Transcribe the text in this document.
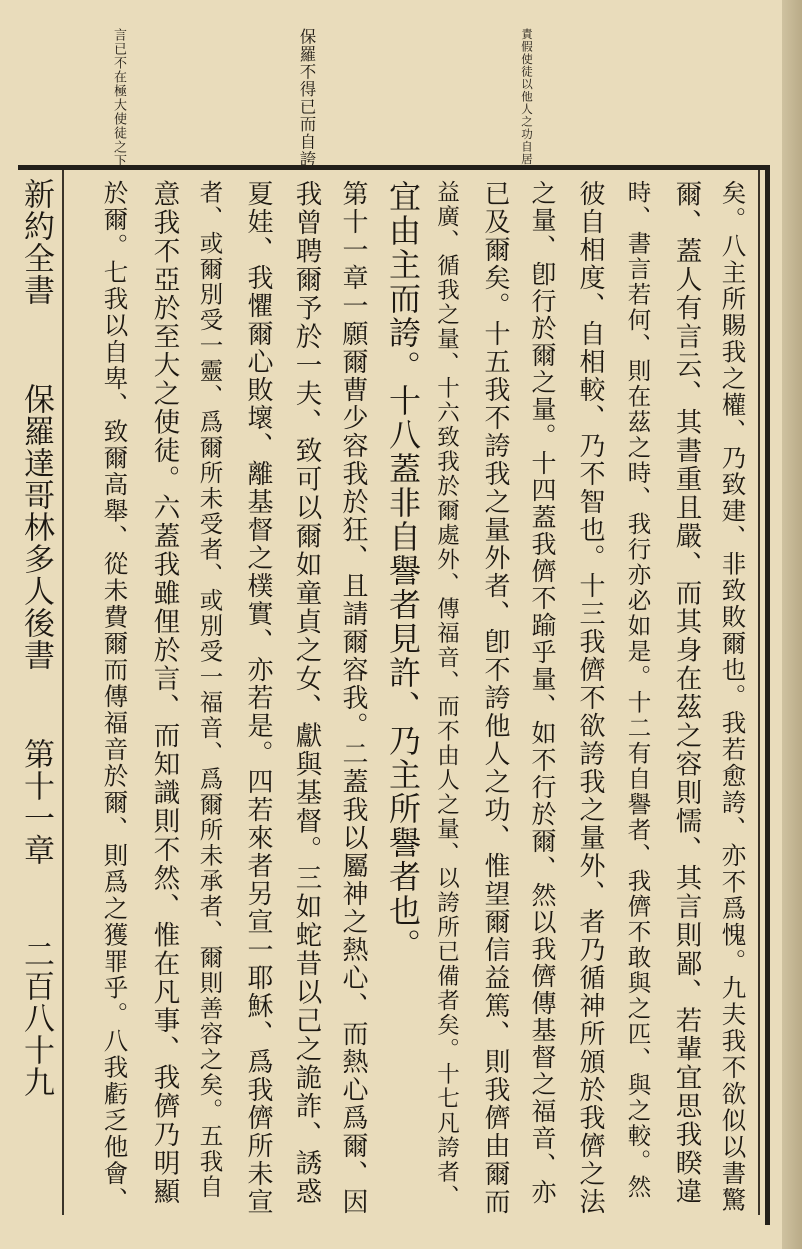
言已不在極大使徒之下	保羅不得已而自誇	責假使徒以他人之功自居
新約全書
保羅達哥林多人後書
第十一章
二百八十九	矣。八主所賜我之權、乃致建、非致敗爾也。我若愈誇、亦不爲愧。九夫我不欲似以書驚
爾、蓋人有言云、其書重且嚴、而其身在茲之容則懦、其言則鄙、若輩宜思我睽違
時、書言若何、則在茲之時、我行亦必如是。十二有自譽者、我儕不敢與之匹、與之較。然
彼自相度、自相較、乃不智也。十三我儕不欲誇我之量外、者乃循神所頒於我儕之法
之量、卽行於爾之量。十四蓋我儕不踰乎量、如不行於爾、然以我儕傳基督之福音、亦
已及爾矣。十五我不誇我之量外者、卽不誇他人之功、惟望爾信益篤、則我儕由爾而
益廣、循我之量、十六致我於爾處外、傳福音、而不由人之量、以誇所已備者矣。十七凡誇者、
宜由主而誇。十八蓋非自譽者見許、乃主所譽者也。
第十一章一願爾曹少容我於狂、且請爾容我。二蓋我以屬神之熱心、而熱心爲爾、因
我曾聘爾予於一夫、致可以爾如童貞之女、獻與基督。三如蛇昔以己之詭詐、誘惑
夏娃、我懼爾心敗壞、離基督之樸實、亦若是。四若來者另宣一耶穌、爲我儕所未宣
者、或爾別受一靈、爲爾所未受者、或別受一福音、爲爾所未承者、爾則善容之矣。五我自
意我不亞於至大之使徒。六蓋我雖俚於言、而知識則不然、惟在凡事、我儕乃明顯
於爾。七我以自卑、致爾高舉、從未費爾而傳福音於爾、則爲之獲罪乎。八我虧乏他會、
